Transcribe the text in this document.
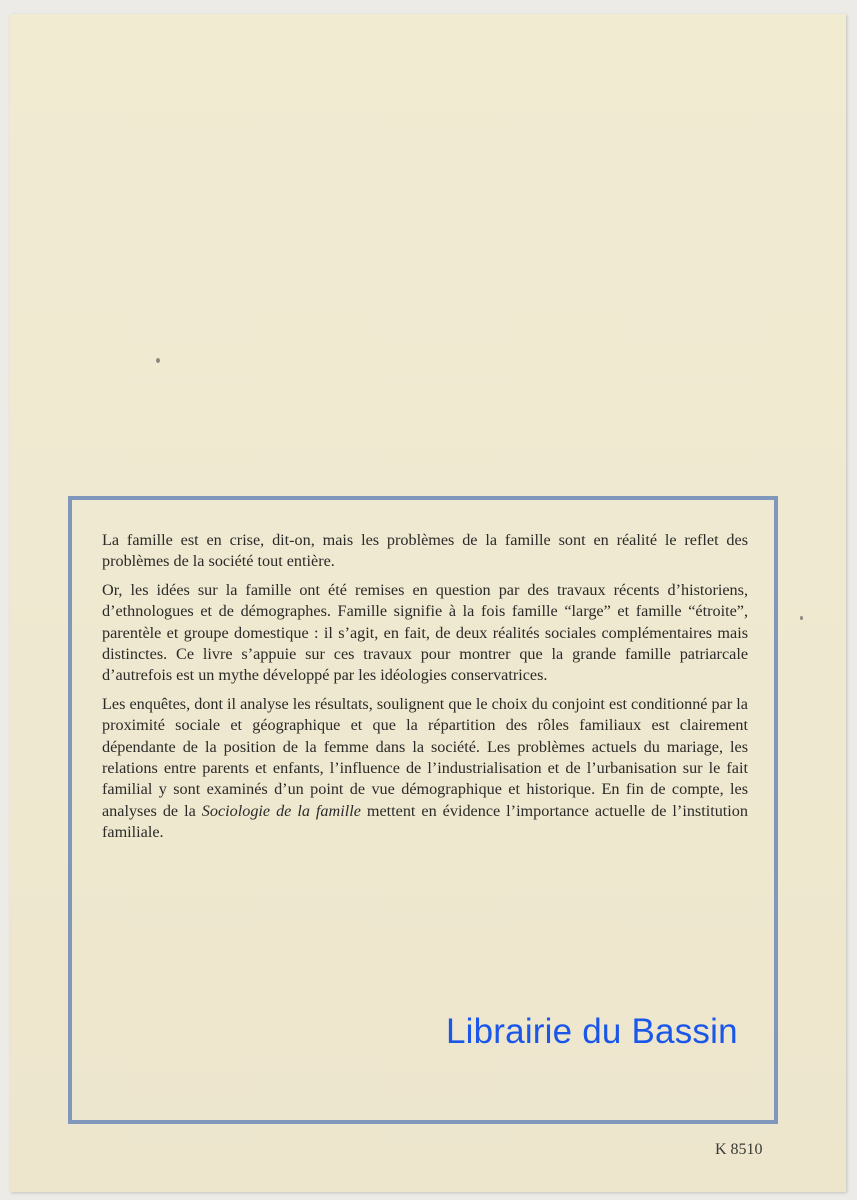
La famille est en crise, dit-on, mais les problèmes de la famille sont en réalité le reflet des problèmes de la société tout entière.

Or, les idées sur la famille ont été remises en question par des travaux récents d’historiens, d’ethnologues et de démographes. Famille signifie à la fois famille “large” et famille “étroite”, parentèle et groupe domestique : il s’agit, en fait, de deux réalités sociales complémentaires mais distinctes. Ce livre s’appuie sur ces travaux pour montrer que la grande famille patriarcale d’autrefois est un mythe développé par les idéologies conservatrices.

Les enquêtes, dont il analyse les résultats, soulignent que le choix du conjoint est conditionné par la proximité sociale et géographique et que la répartition des rôles familiaux est clairement dépendante de la position de la femme dans la société. Les problèmes actuels du mariage, les relations entre parents et enfants, l’influence de l’industrialisation et de l’urbanisation sur le fait familial y sont examinés d’un point de vue démographique et historique. En fin de compte, les analyses de la Sociologie de la famille mettent en évidence l’importance actuelle de l’institution familiale.

Librairie du Bassin
K 8510
